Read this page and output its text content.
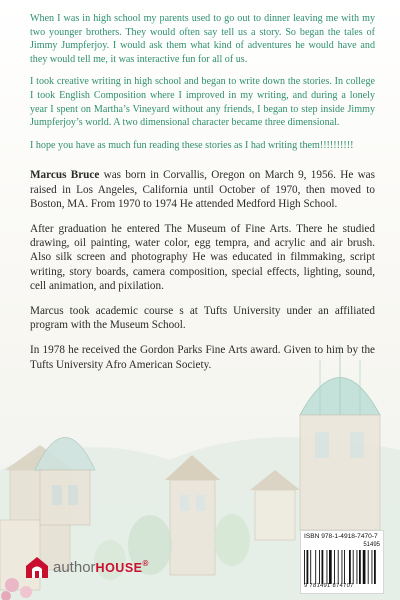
When I was in high school my parents used to go out to dinner leaving me with my two younger brothers. They would often say tell us a story. So began the tales of Jimmy Jumpferjoy. I would ask them what kind of adventures he would have and they would tell me, it was interactive fun for all of us.

I took creative writing in high school and began to write down the stories. In college I took English Composition where I improved in my writing, and during a lonely year I spent on Martha’s Vineyard without any friends, I began to step inside Jimmy Jumpferjoy’s world. A two dimensional character became three dimensional.

I hope you have as much fun reading these stories as I had writing them!!!!!!!!!!

Marcus Bruce was born in Corvallis, Oregon on March 9, 1956. He was raised in Los Angeles, California until October of 1970, then moved to Boston, MA. From 1970 to 1974 He attended Medford High School.

After graduation he entered The Museum of Fine Arts. There he studied drawing, oil painting, water color, egg tempra, and acrylic and air brush. Also silk screen and photography He was educated in filmmaking, script writing, story boards, camera composition, special effects, lighting, sound, cell animation, and pixilation.

Marcus took academic course s at Tufts University under an affiliated program with the Museum School.

In 1978 he received the Gordon Parks Fine Arts award. Given to him by the Tufts University Afro American Society.

authorHOUSE®
ISBN 978-1-4918-7470-7
51495
9 781491 874707
